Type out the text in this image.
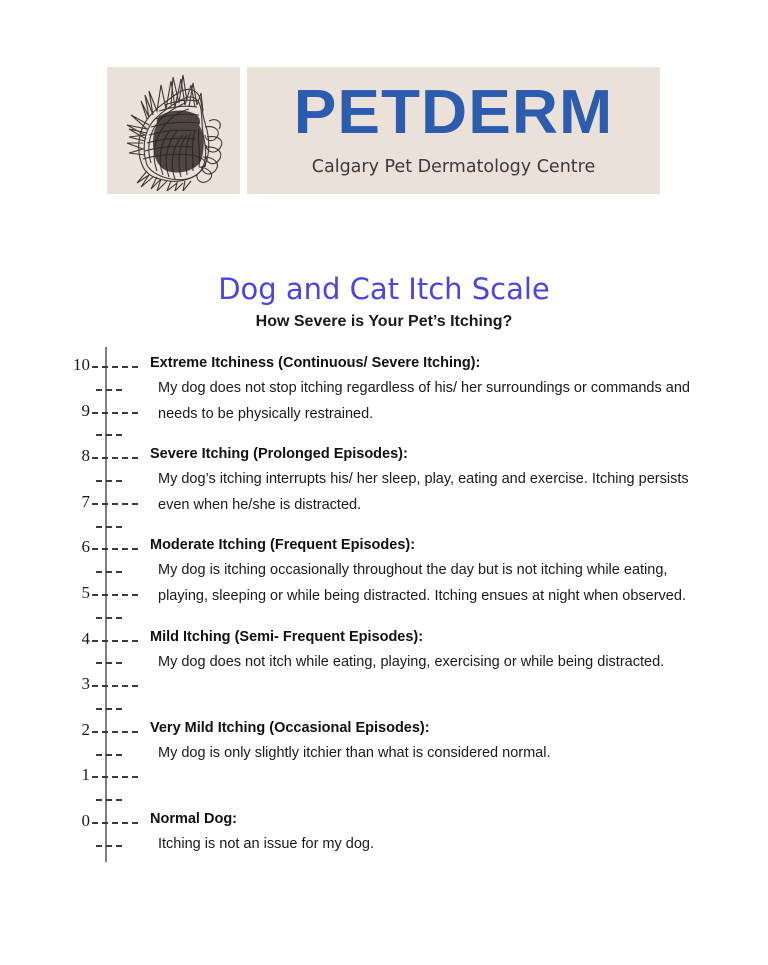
PETDERM
Calgary Pet Dermatology Centre
Dog and Cat Itch Scale
How Severe is Your Pet’s Itching?
10
9
8
7
6
5
4
3
2
1
0
Extreme Itchiness (Continuous/ Severe Itching):
My dog does not stop itching regardless of his/ her surroundings or commands and
needs to be physically restrained.
Severe Itching (Prolonged Episodes):
My dog’s itching interrupts his/ her sleep, play, eating and exercise. Itching persists
even when he/she is distracted.
Moderate Itching (Frequent Episodes):
My dog is itching occasionally throughout the day but is not itching while eating,
playing, sleeping or while being distracted. Itching ensues at night when observed.
Mild Itching (Semi- Frequent Episodes):
My dog does not itch while eating, playing, exercising or while being distracted.
Very Mild Itching (Occasional Episodes):
My dog is only slightly itchier than what is considered normal.
Normal Dog:
Itching is not an issue for my dog.
